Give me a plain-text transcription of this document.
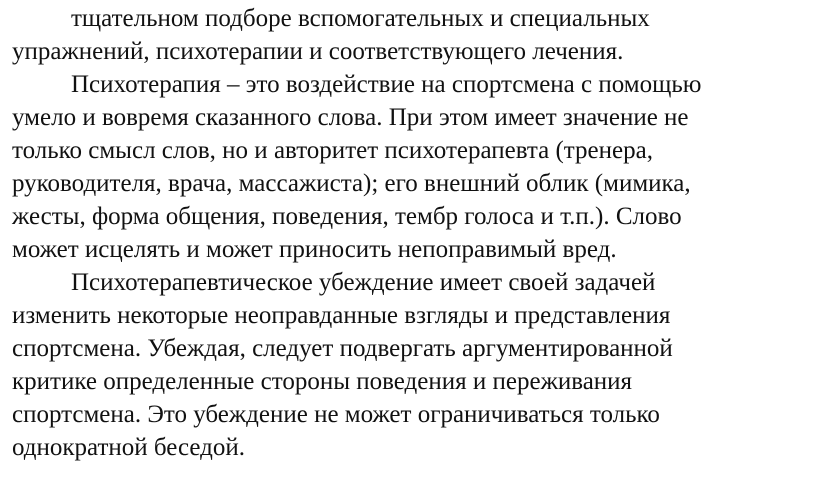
тщательном подборе вспомогательных и специальных
упражнений, психотерапии и соответствующего лечения.
Психотерапия – это воздействие на спортсмена с помощью
умело и вовремя сказанного слова. При этом имеет значение не
только смысл слов, но и авторитет психотерапевта (тренера,
руководителя, врача, массажиста); его внешний облик (мимика,
жесты, форма общения, поведения, тембр голоса и т.п.). Слово
может исцелять и может приносить непоправимый вред.
Психотерапевтическое убеждение имеет своей задачей
изменить некоторые неоправданные взгляды и представления
спортсмена. Убеждая, следует подвергать аргументированной
критике определенные стороны поведения и переживания
спортсмена. Это убеждение не может ограничиваться только
однократной беседой.
